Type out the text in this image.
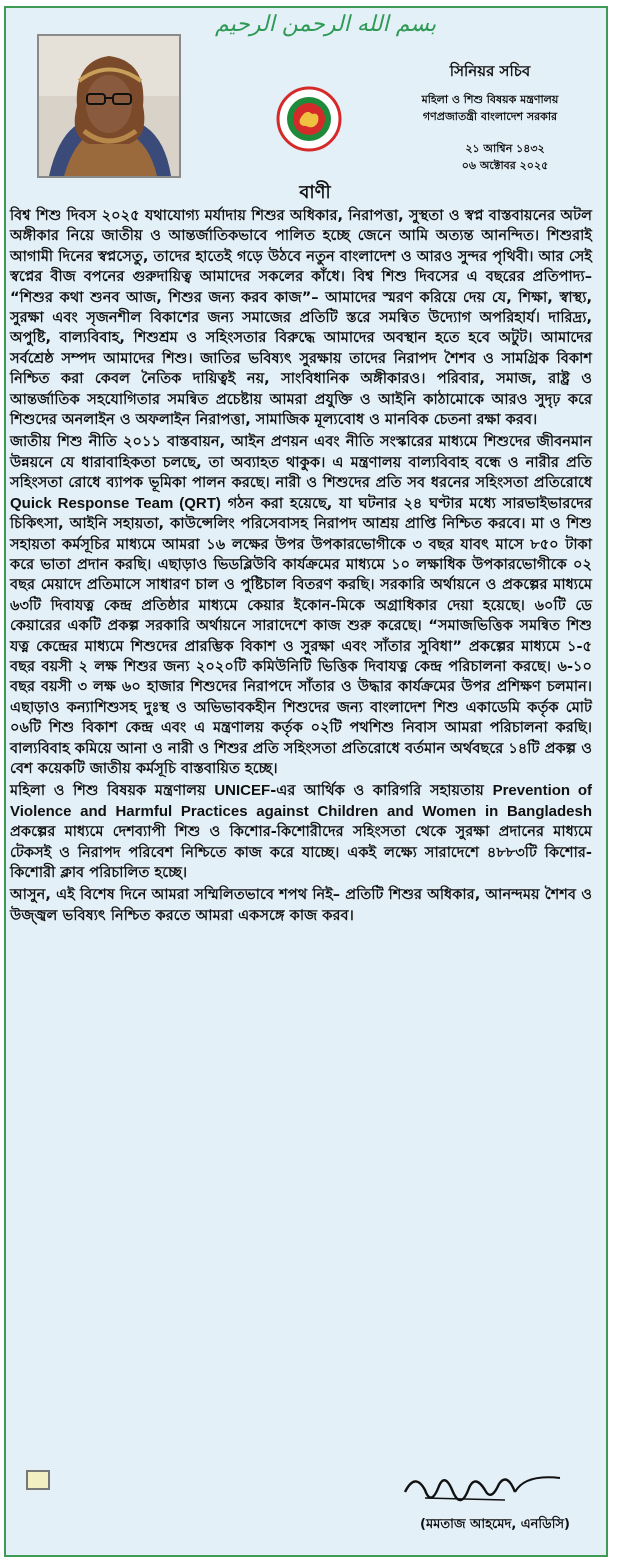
بسم الله الرحمن الرحيم
সিনিয়র সচিব
মহিলা ও শিশু বিষয়ক মন্ত্রণালয়
গণপ্রজাতন্ত্রী বাংলাদেশ সরকার
২১ আশ্বিন ১৪৩২
০৬ অক্টোবর ২০২৫
বাণী

বিশ্ব শিশু দিবস ২০২৫ যথাযোগ্য মর্যাদায় শিশুর অধিকার, নিরাপত্তা, সুস্থতা ও স্বপ্ন বাস্তবায়নের অটল অঙ্গীকার নিয়ে জাতীয় ও আন্তর্জাতিকভাবে পালিত হচ্ছে জেনে আমি অত্যন্ত আনন্দিত। শিশুরাই আগামী দিনের স্বপ্নসেতু, তাদের হাতেই গড়ে উঠবে নতুন বাংলাদেশ ও আরও সুন্দর পৃথিবী। আর সেই স্বপ্নের বীজ বপনের গুরুদায়িত্ব আমাদের সকলের কাঁধে। বিশ্ব শিশু দিবসের এ বছরের প্রতিপাদ্য– “শিশুর কথা শুনব আজ, শিশুর জন্য করব কাজ”– আমাদের স্মরণ করিয়ে দেয় যে, শিক্ষা, স্বাস্থ্য, সুরক্ষা এবং সৃজনশীল বিকাশের জন্য সমাজের প্রতিটি স্তরে সমন্বিত উদ্যোগ অপরিহার্য। দারিদ্র্য, অপুষ্টি, বাল্যবিবাহ, শিশুশ্রম ও সহিংসতার বিরুদ্ধে আমাদের অবস্থান হতে হবে অটুট। আমাদের সর্বশ্রেষ্ঠ সম্পদ আমাদের শিশু। জাতির ভবিষ্যৎ সুরক্ষায় তাদের নিরাপদ শৈশব ও সামগ্রিক বিকাশ নিশ্চিত করা কেবল নৈতিক দায়িত্বই নয়, সাংবিধানিক অঙ্গীকারও। পরিবার, সমাজ, রাষ্ট্র ও আন্তর্জাতিক সহযোগিতার সমন্বিত প্রচেষ্টায় আমরা প্রযুক্তি ও আইনি কাঠামোকে আরও সুদৃঢ় করে শিশুদের অনলাইন ও অফলাইন নিরাপত্তা, সামাজিক মূল্যবোধ ও মানবিক চেতনা রক্ষা করব।

জাতীয় শিশু নীতি ২০১১ বাস্তবায়ন, আইন প্রণয়ন এবং নীতি সংস্কারের মাধ্যমে শিশুদের জীবনমান উন্নয়নে যে ধারাবাহিকতা চলছে, তা অব্যাহত থাকুক। এ মন্ত্রণালয় বাল্যবিবাহ বন্ধে ও নারীর প্রতি সহিংসতা রোধে ব্যাপক ভূমিকা পালন করছে। নারী ও শিশুদের প্রতি সব ধরনের সহিংসতা প্রতিরোধে Quick Response Team (QRT) গঠন করা হয়েছে, যা ঘটনার ২৪ ঘণ্টার মধ্যে সারভাইভারদের চিকিৎসা, আইনি সহায়তা, কাউন্সেলিং পরিসেবাসহ নিরাপদ আশ্রয় প্রাপ্তি নিশ্চিত করবে। মা ও শিশু সহায়তা কর্মসূচির মাধ্যমে আমরা ১৬ লক্ষের উপর উপকারভোগীকে ৩ বছর যাবৎ মাসে ৮৫০ টাকা করে ভাতা প্রদান করছি। এছাড়াও ভিডব্লিউবি কার্যক্রমের মাধ্যমে ১০ লক্ষাধিক উপকারভোগীকে ০২ বছর মেয়াদে প্রতিমাসে সাধারণ চাল ও পুষ্টিচাল বিতরণ করছি। সরকারি অর্থায়নে ও প্রকল্পের মাধ্যমে ৬৩টি দিবাযত্ন কেন্দ্র প্রতিষ্ঠার মাধ্যমে কেয়ার ইকোন-মিকে অগ্রাধিকার দেয়া হয়েছে। ৬০টি ডে কেয়ারের একটি প্রকল্প সরকারি অর্থায়নে সারাদেশে কাজ শুরু করেছে। “সমাজভিত্তিক সমন্বিত শিশু যত্ন কেন্দ্রের মাধ্যমে শিশুদের প্রারম্ভিক বিকাশ ও সুরক্ষা এবং সাঁতার সুবিধা” প্রকল্পের মাধ্যমে ১-৫ বছর বয়সী ২ লক্ষ শিশুর জন্য ২০২০টি কমিউনিটি ভিত্তিক দিবাযত্ন কেন্দ্র পরিচালনা করছে। ৬-১০ বছর বয়সী ৩ লক্ষ ৬০ হাজার শিশুদের নিরাপদে সাঁতার ও উদ্ধার কার্যক্রমের উপর প্রশিক্ষণ চলমান। এছাড়াও কন্যাশিশুসহ দুঃস্থ ও অভিভাবকহীন শিশুদের জন্য বাংলাদেশ শিশু একাডেমি কর্তৃক মোট ০৬টি শিশু বিকাশ কেন্দ্র এবং এ মন্ত্রণালয় কর্তৃক ০২টি পথশিশু নিবাস আমরা পরিচালনা করছি। বাল্যবিবাহ কমিয়ে আনা ও নারী ও শিশুর প্রতি সহিংসতা প্রতিরোধে বর্তমান অর্থবছরে ১৪টি প্রকল্প ও বেশ কয়েকটি জাতীয় কর্মসূচি বাস্তবায়িত হচ্ছে।

মহিলা ও শিশু বিষয়ক মন্ত্রণালয় UNICEF-এর আর্থিক ও কারিগরি সহায়তায় Prevention of Violence and Harmful Practices against Children and Women in Bangladesh প্রকল্পের মাধ্যমে দেশব্যাপী শিশু ও কিশোর-কিশোরীদের সহিংসতা থেকে সুরক্ষা প্রদানের মাধ্যমে টেকসই ও নিরাপদ পরিবেশ নিশ্চিতে কাজ করে যাচ্ছে। একই লক্ষ্যে সারাদেশে ৪৮৮৩টি কিশোর-কিশোরী ক্লাব পরিচালিত হচ্ছে।

আসুন, এই বিশেষ দিনে আমরা সম্মিলিতভাবে শপথ নিই– প্রতিটি শিশুর অধিকার, আনন্দময় শৈশব ও উজ্জ্বল ভবিষ্যৎ নিশ্চিত করতে আমরা একসঙ্গে কাজ করব।

(মমতাজ আহমেদ, এনডিসি)
